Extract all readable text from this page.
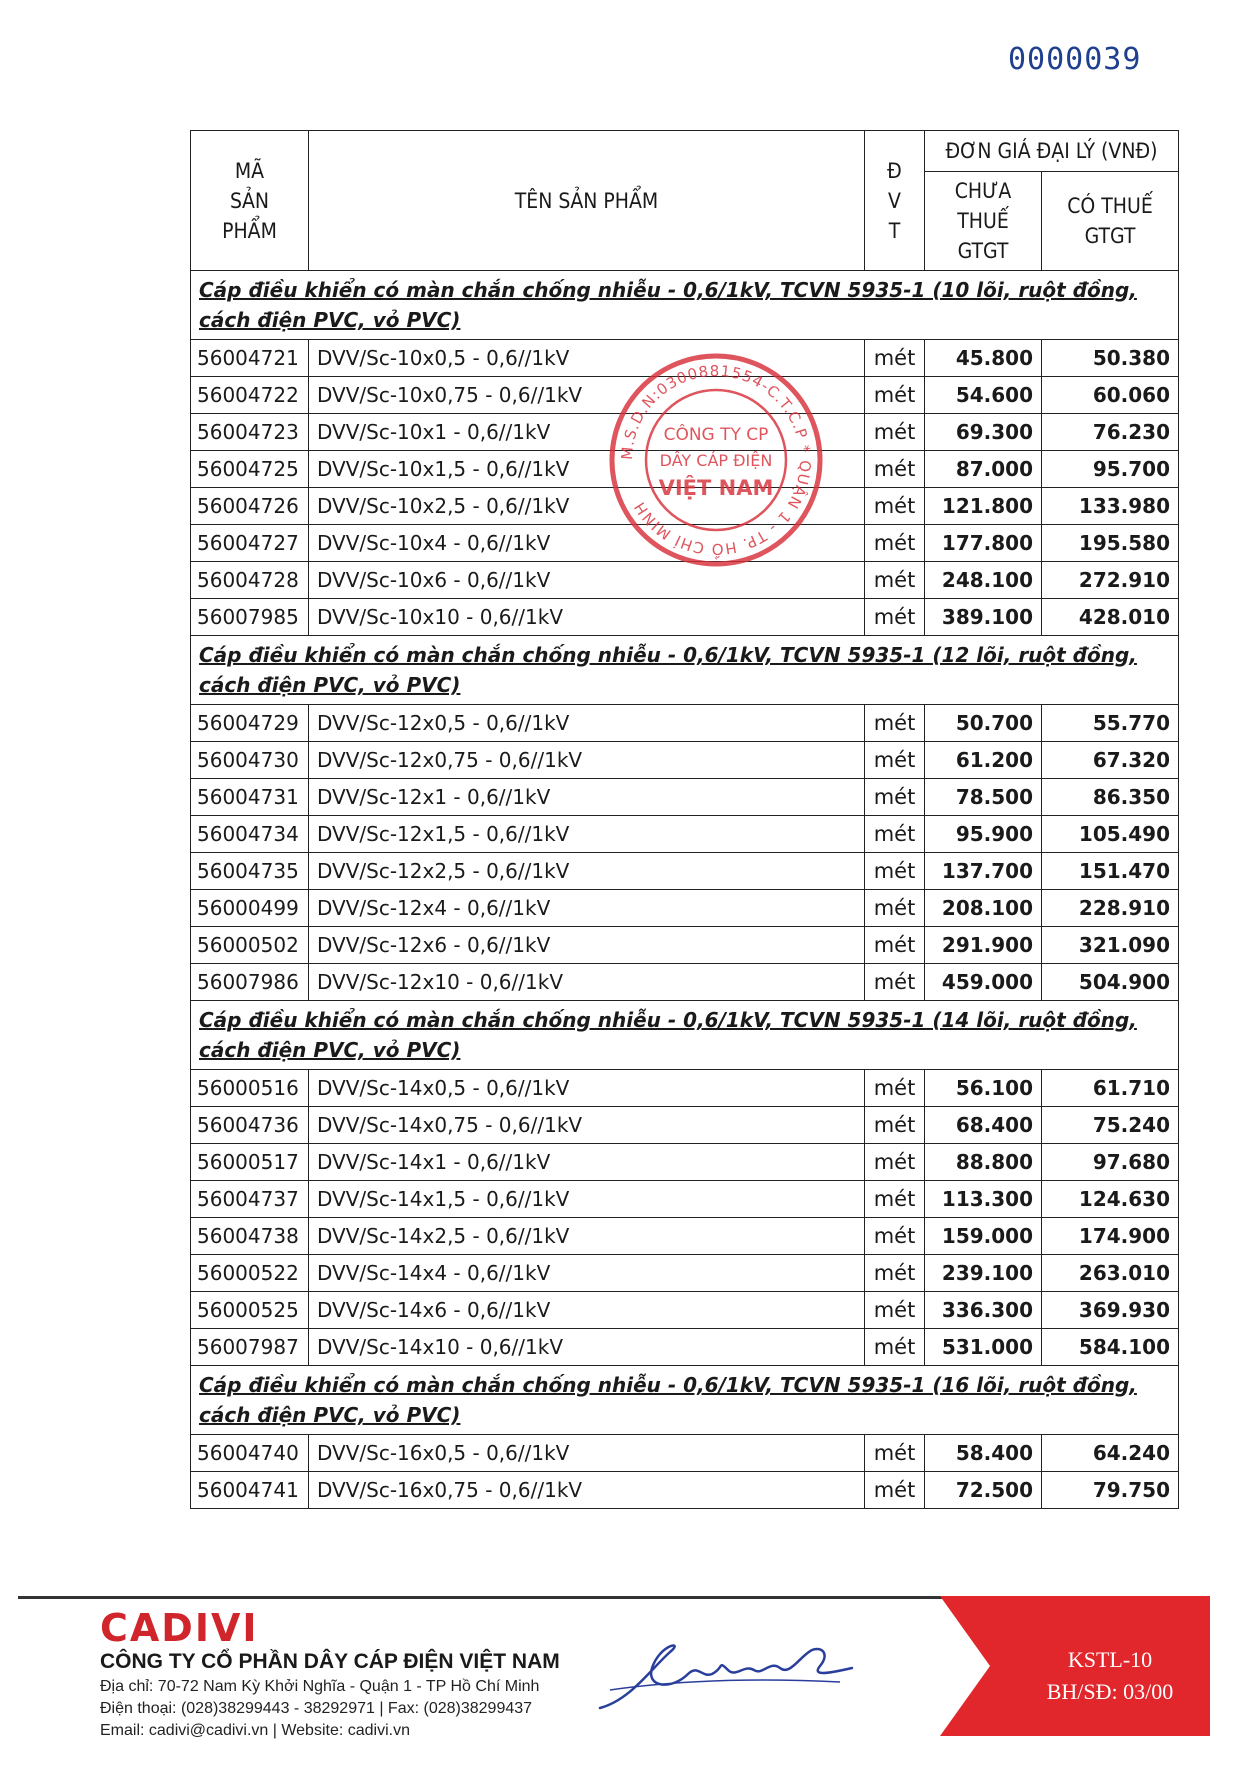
0000039
MÃ SẢN PHẨM	TÊN SẢN PHẨM	Đ V T	ĐƠN GIÁ ĐẠI LÝ (VNĐ)	
			CHƯA THUẾ GTGT	CÓ THUẾ GTGT
Cáp điều khiển có màn chắn chống nhiễu - 0,6/1kV, TCVN 5935-1 (10 lõi, ruột đồng, cách điện PVC, vỏ PVC)				
56004721	DVV/Sc-10x0,5 - 0,6//1kV	mét	45.800	50.380
56004722	DVV/Sc-10x0,75 - 0,6//1kV	mét	54.600	60.060
56004723	DVV/Sc-10x1 - 0,6//1kV	mét	69.300	76.230
56004725	DVV/Sc-10x1,5 - 0,6//1kV	mét	87.000	95.700
56004726	DVV/Sc-10x2,5 - 0,6//1kV	mét	121.800	133.980
56004727	DVV/Sc-10x4 - 0,6//1kV	mét	177.800	195.580
56004728	DVV/Sc-10x6 - 0,6//1kV	mét	248.100	272.910
56007985	DVV/Sc-10x10 - 0,6//1kV	mét	389.100	428.010
Cáp điều khiển có màn chắn chống nhiễu - 0,6/1kV, TCVN 5935-1 (12 lõi, ruột đồng, cách điện PVC, vỏ PVC)				
56004729	DVV/Sc-12x0,5 - 0,6//1kV	mét	50.700	55.770
56004730	DVV/Sc-12x0,75 - 0,6//1kV	mét	61.200	67.320
56004731	DVV/Sc-12x1 - 0,6//1kV	mét	78.500	86.350
56004734	DVV/Sc-12x1,5 - 0,6//1kV	mét	95.900	105.490
56004735	DVV/Sc-12x2,5 - 0,6//1kV	mét	137.700	151.470
56000499	DVV/Sc-12x4 - 0,6//1kV	mét	208.100	228.910
56000502	DVV/Sc-12x6 - 0,6//1kV	mét	291.900	321.090
56007986	DVV/Sc-12x10 - 0,6//1kV	mét	459.000	504.900
Cáp điều khiển có màn chắn chống nhiễu - 0,6/1kV, TCVN 5935-1 (14 lõi, ruột đồng, cách điện PVC, vỏ PVC)				
56000516	DVV/Sc-14x0,5 - 0,6//1kV	mét	56.100	61.710
56004736	DVV/Sc-14x0,75 - 0,6//1kV	mét	68.400	75.240
56000517	DVV/Sc-14x1 - 0,6//1kV	mét	88.800	97.680
56004737	DVV/Sc-14x1,5 - 0,6//1kV	mét	113.300	124.630
56004738	DVV/Sc-14x2,5 - 0,6//1kV	mét	159.000	174.900
56000522	DVV/Sc-14x4 - 0,6//1kV	mét	239.100	263.010
56000525	DVV/Sc-14x6 - 0,6//1kV	mét	336.300	369.930
56007987	DVV/Sc-14x10 - 0,6//1kV	mét	531.000	584.100
Cáp điều khiển có màn chắn chống nhiễu - 0,6/1kV, TCVN 5935-1 (16 lõi, ruột đồng, cách điện PVC, vỏ PVC)				
56004740	DVV/Sc-16x0,5 - 0,6//1kV	mét	58.400	64.240
56004741	DVV/Sc-16x0,75 - 0,6//1kV	mét	72.500	79.750
M.S.D.N:0300881554-C.T.C.P * QUẬN 1 - TP. HỒ CHÍ MINH
CÔNG TY CP
DÂY CÁP ĐIỆN
VIỆT NAM
KSTL-10
BH/SĐ: 03/00
CADIVI
CÔNG TY CỔ PHẦN DÂY CÁP ĐIỆN VIỆT NAM
Địa chỉ: 70-72 Nam Kỳ Khởi Nghĩa - Quận 1 - TP Hồ Chí Minh
Điện thoại: (028)38299443 - 38292971 | Fax: (028)38299437
Email: cadivi@cadivi.vn | Website: cadivi.vn
